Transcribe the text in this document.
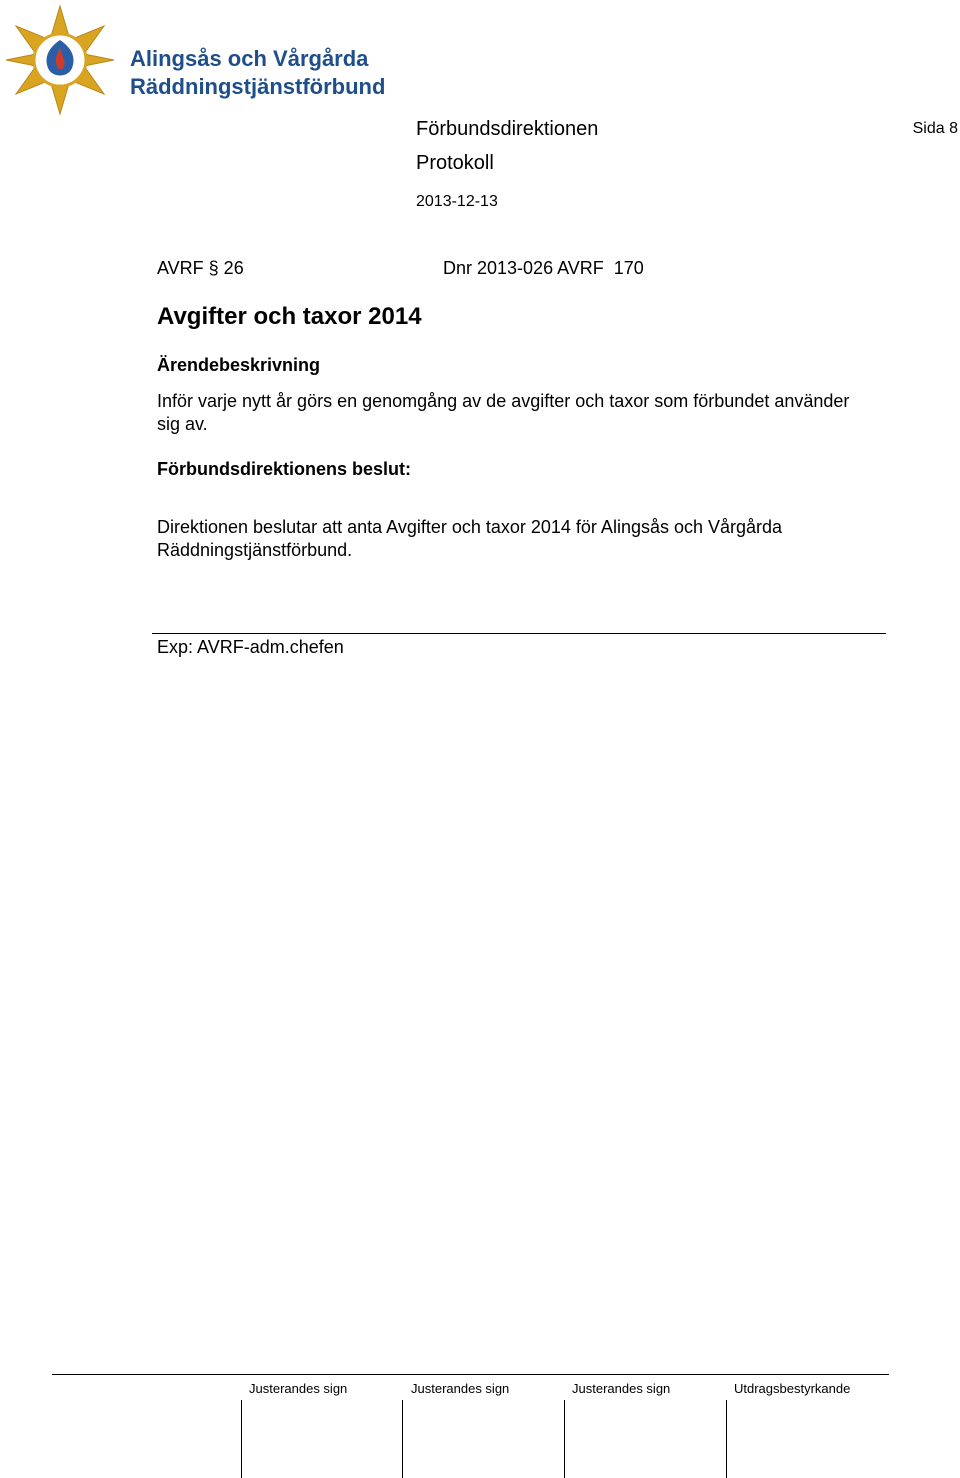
Alingsås och Vårgårda
Räddningstjänstförbund
Förbundsdirektionen
Protokoll
2013-12-13
Sida 8
AVRF § 26	Dnr 2013-026 AVRF  170
Avgifter och taxor 2014
Ärendebeskrivning
Inför varje nytt år görs en genomgång av de avgifter och taxor som förbundet använder sig av.
Förbundsdirektionens beslut:
Direktionen beslutar att anta Avgifter och taxor 2014 för Alingsås och Vårgårda Räddningstjänstförbund.
Exp: AVRF-adm.chefen
Justerandes sign	Justerandes sign	Justerandes sign	Utdragsbestyrkande
